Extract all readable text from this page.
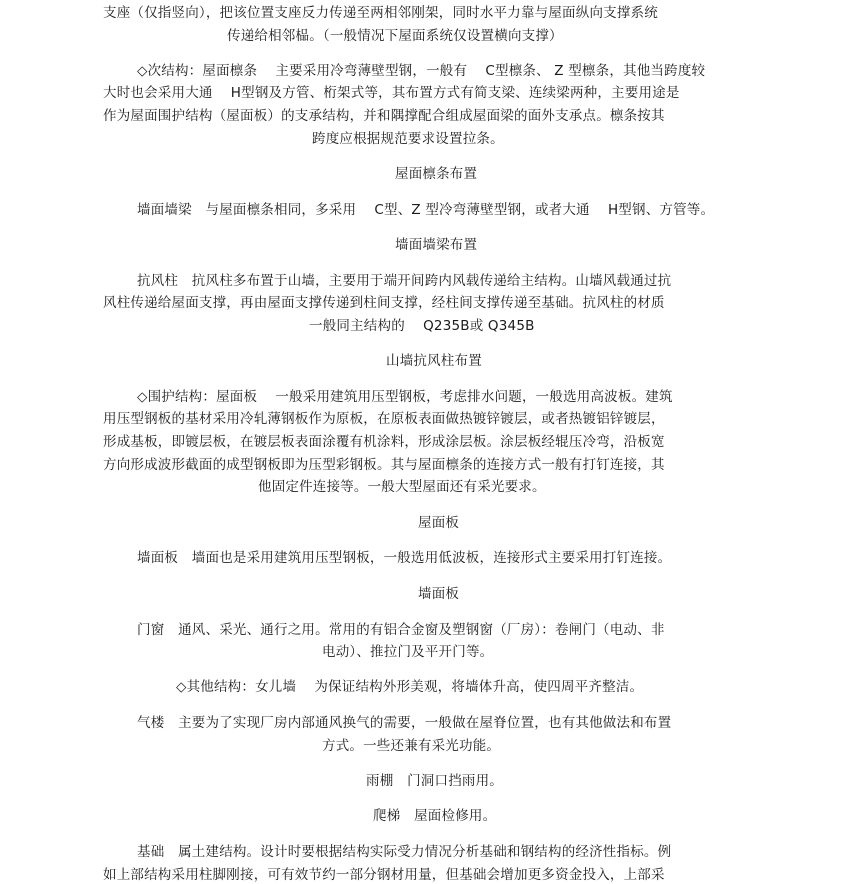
支座（仅指竖向），把该位置支座反力传递至两相邻刚架，同时水平力靠与屋面纵向支撑系统
传递给相邻榀。（一般情况下屋面系统仅设置横向支撑）
◇次结构：屋面檩条　 主要采用冷弯薄壁型钢，一般有　 C型檩条、 Z 型檩条，其他当跨度较
大时也会采用大通　 H型钢及方管、桁架式等，其布置方式有简支梁、连续梁两种，主要用途是
作为屋面围护结构（屋面板）的支承结构，并和隅撑配合组成屋面梁的面外支承点。檩条按其
跨度应根据规范要求设置拉条。
屋面檩条布置
墙面墙梁　与屋面檩条相同，多采用　 C型、Z 型冷弯薄壁型钢，或者大通　 H型钢、方管等。
墙面墙梁布置
抗风柱　抗风柱多布置于山墙，主要用于端开间跨内风载传递给主结构。山墙风载通过抗
风柱传递给屋面支撑，再由屋面支撑传递到柱间支撑，经柱间支撑传递至基础。抗风柱的材质
一般同主结构的　 Q235B或 Q345B
山墙抗风柱布置
◇围护结构：屋面板　 一般采用建筑用压型钢板，考虑排水问题，一般选用高波板。建筑
用压型钢板的基材采用冷轧薄钢板作为原板，在原板表面做热镀锌镀层，或者热镀铝锌镀层，
形成基板，即镀层板，在镀层板表面涂覆有机涂料，形成涂层板。涂层板经辊压冷弯，沿板宽
方向形成波形截面的成型钢板即为压型彩钢板。其与屋面檩条的连接方式一般有打钉连接，其
他固定件连接等。一般大型屋面还有采光要求。
屋面板
墙面板　墙面也是采用建筑用压型钢板，一般选用低波板，连接形式主要采用打钉连接。
墙面板
门窗　通风、采光、通行之用。常用的有铝合金窗及塑钢窗（厂房）：卷闸门（电动、非
电动）、推拉门及平开门等。
◇其他结构：女儿墙　 为保证结构外形美观，将墙体升高，使四周平齐整洁。
气楼　主要为了实现厂房内部通风换气的需要，一般做在屋脊位置，也有其他做法和布置
方式。一些还兼有采光功能。
雨棚　门洞口挡雨用。
爬梯　屋面检修用。
基础　属土建结构。设计时要根据结构实际受力情况分析基础和钢结构的经济性指标。例
如上部结构采用柱脚刚接，可有效节约一部分钢材用量，但基础会增加更多资金投入，上部采
